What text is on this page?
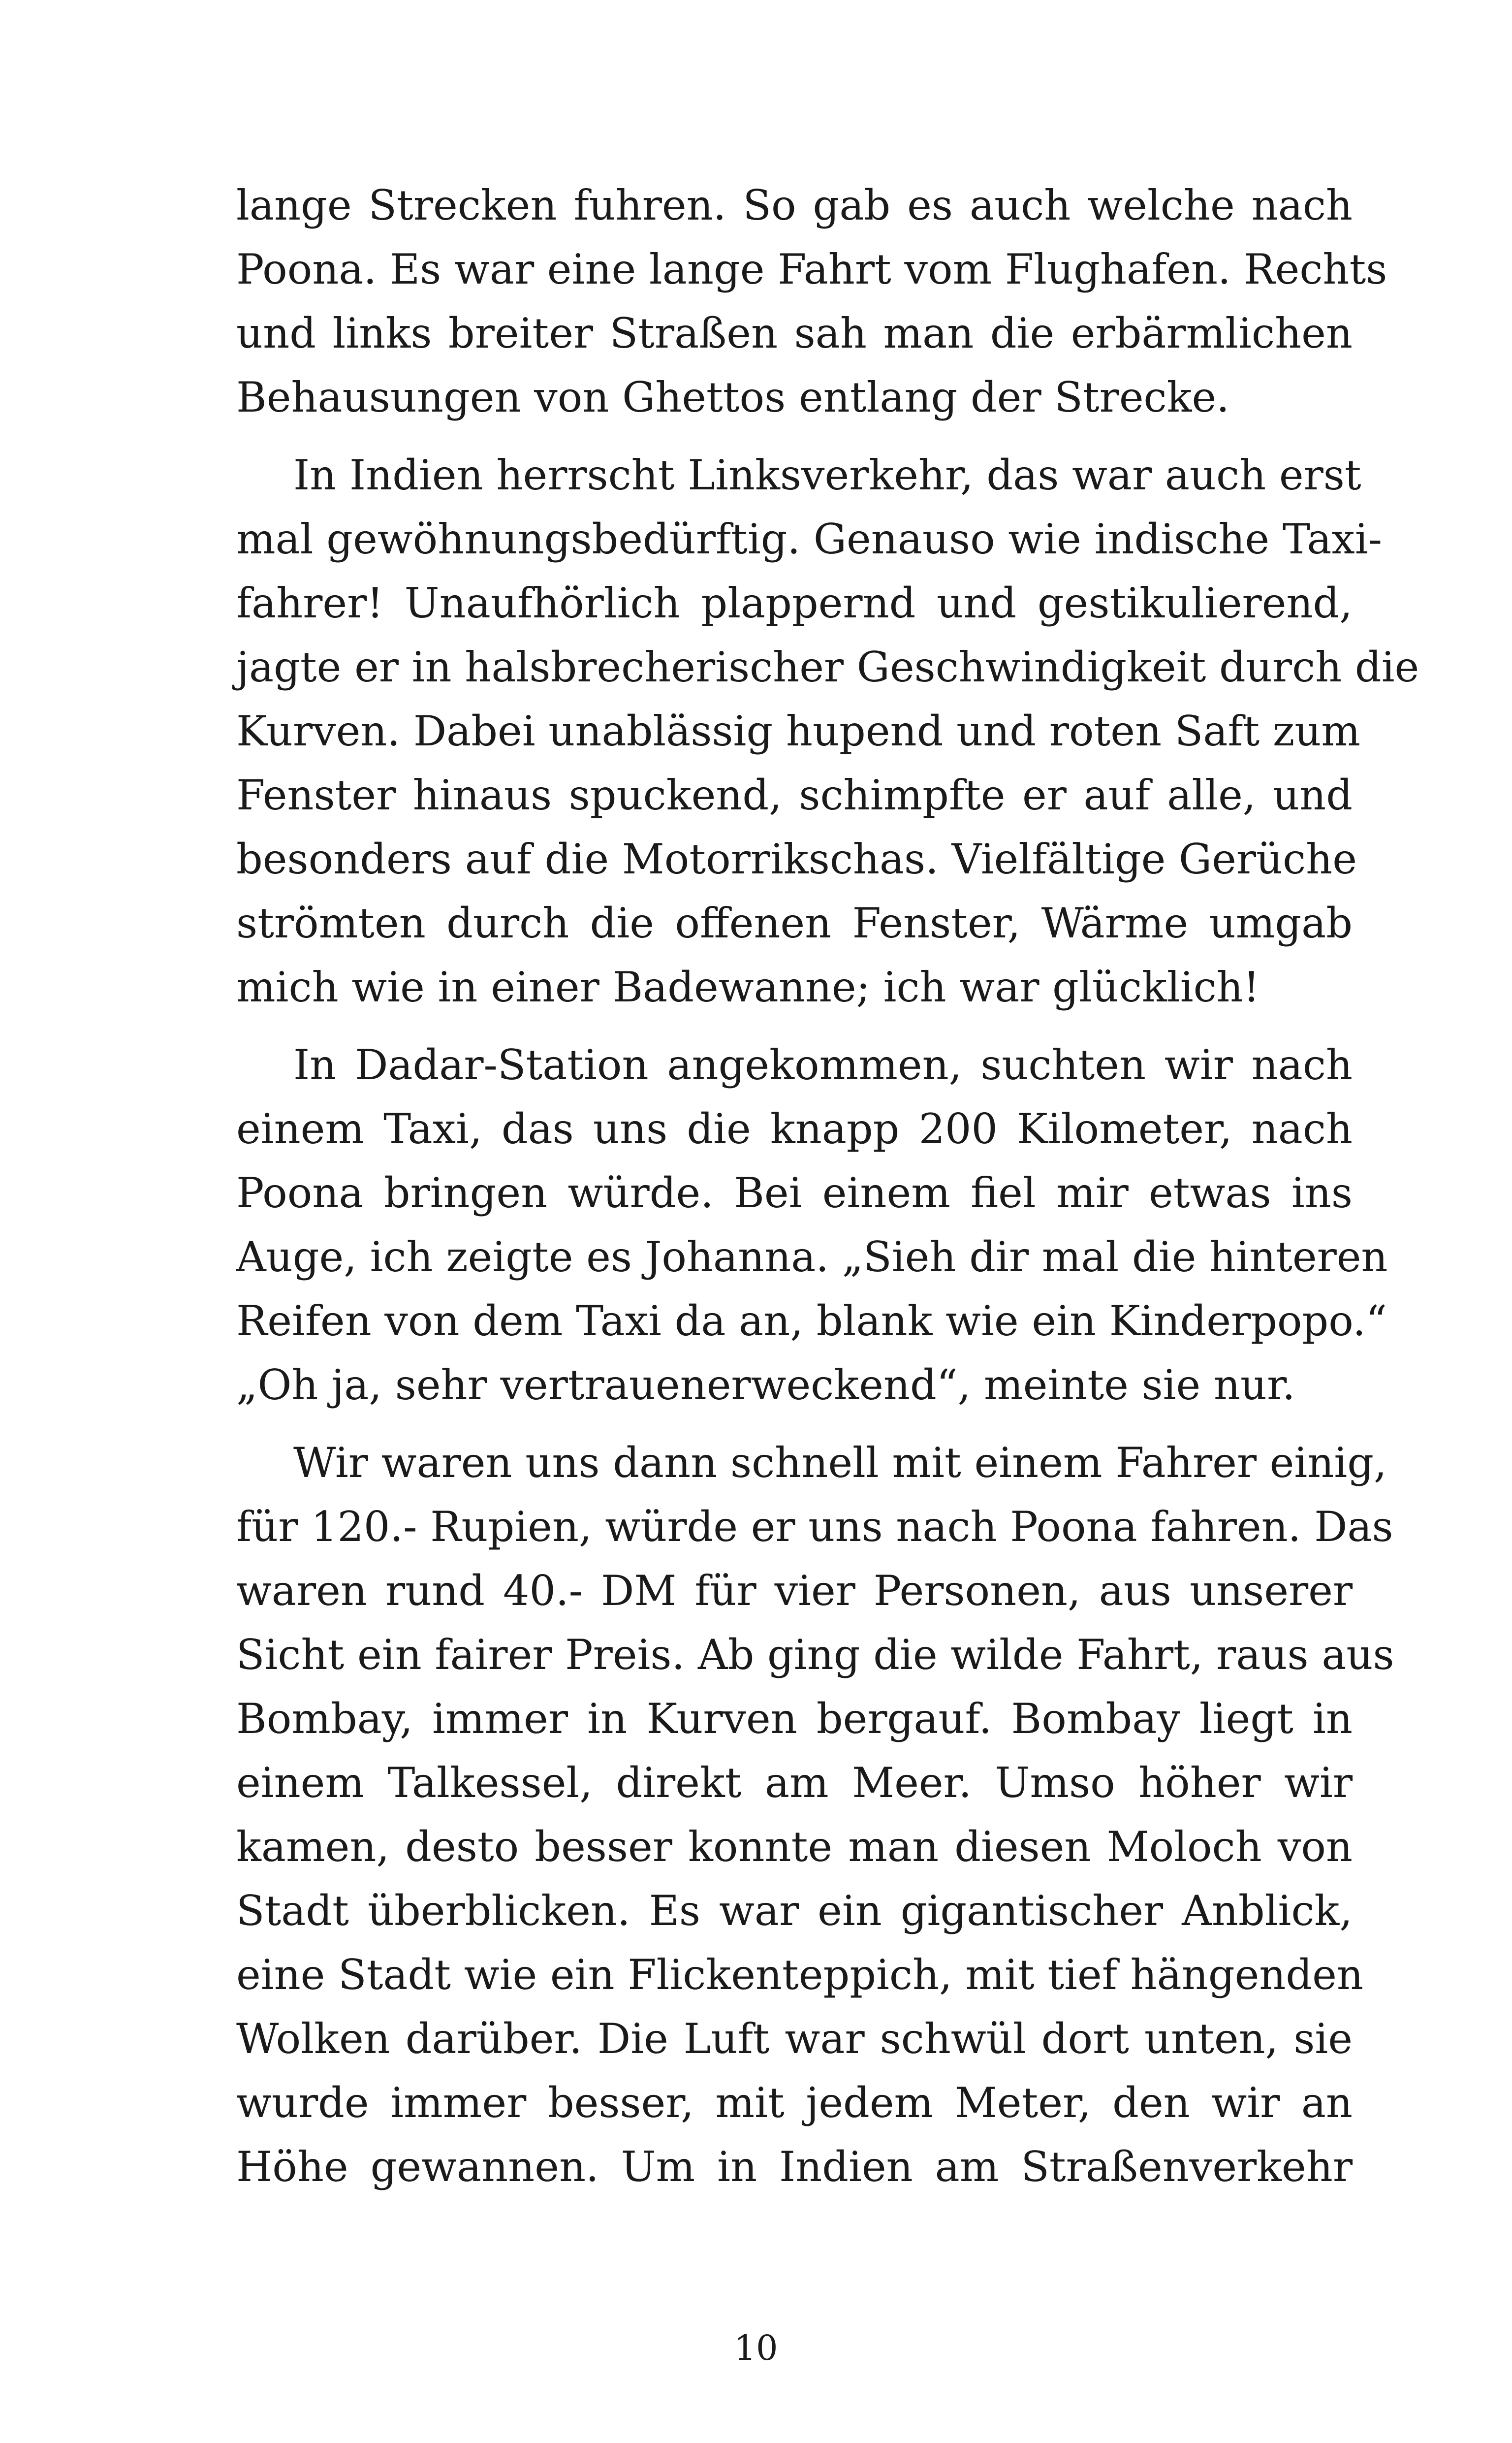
lange Strecken fuhren. So gab es auch welche nach
Poona. Es war eine lange Fahrt vom Flughafen. Rechts
und links breiter Straßen sah man die erbärmlichen
Behausungen von Ghettos entlang der Strecke.
In Indien herrscht Linksverkehr, das war auch erst
mal gewöhnungsbedürftig. Genauso wie indische Taxi-
fahrer! Unaufhörlich plappernd und gestikulierend,
jagte er in halsbrecherischer Geschwindigkeit durch die
Kurven. Dabei unablässig hupend und roten Saft zum
Fenster hinaus spuckend, schimpfte er auf alle, und
besonders auf die Motorrikschas. Vielfältige Gerüche
strömten durch die offenen Fenster, Wärme umgab
mich wie in einer Badewanne; ich war glücklich!
In Dadar-Station angekommen, suchten wir nach
einem Taxi, das uns die knapp 200 Kilometer, nach
Poona bringen würde. Bei einem fiel mir etwas ins
Auge, ich zeigte es Johanna. „Sieh dir mal die hinteren
Reifen von dem Taxi da an, blank wie ein Kinderpopo.“
„Oh ja, sehr vertrauenerweckend“, meinte sie nur.
Wir waren uns dann schnell mit einem Fahrer einig,
für 120.- Rupien, würde er uns nach Poona fahren. Das
waren rund 40.- DM für vier Personen, aus unserer
Sicht ein fairer Preis. Ab ging die wilde Fahrt, raus aus
Bombay, immer in Kurven bergauf. Bombay liegt in
einem Talkessel, direkt am Meer. Umso höher wir
kamen, desto besser konnte man diesen Moloch von
Stadt überblicken. Es war ein gigantischer Anblick,
eine Stadt wie ein Flickenteppich, mit tief hängenden
Wolken darüber. Die Luft war schwül dort unten, sie
wurde immer besser, mit jedem Meter, den wir an
Höhe gewannen. Um in Indien am Straßenverkehr
10
